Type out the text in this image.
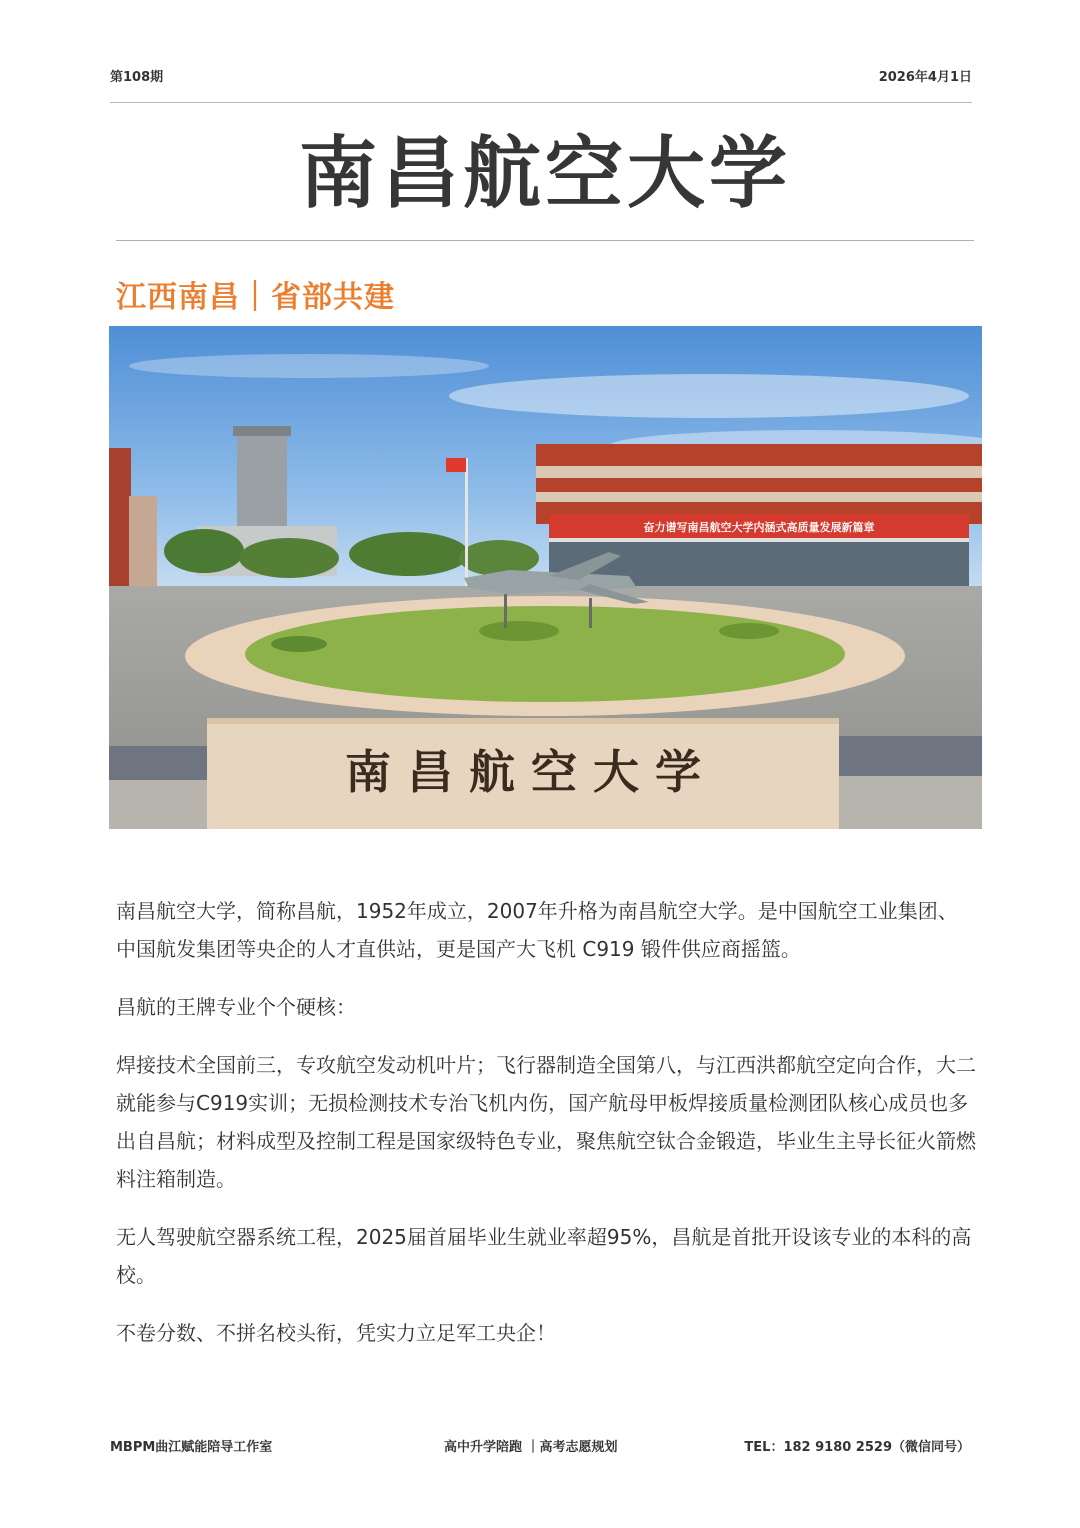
第108期	2026年4月1日
南昌航空大学
江西南昌｜省部共建
奋力谱写南昌航空大学内涵式高质量发展新篇章
南 昌 航 空 大 学

南昌航空大学，简称昌航，1952年成立，2007年升格为南昌航空大学。是中国航空工业集团、中国航发集团等央企的人才直供站，更是国产大飞机 C919 锻件供应商摇篮。

昌航的王牌专业个个硬核：

焊接技术全国前三，专攻航空发动机叶片；飞行器制造全国第八，与江西洪都航空定向合作，大二就能参与C919实训；无损检测技术专治飞机内伤，国产航母甲板焊接质量检测团队核心成员也多出自昌航；材料成型及控制工程是国家级特色专业，聚焦航空钛合金锻造，毕业生主导长征火箭燃料注箱制造。

无人驾驶航空器系统工程，2025届首届毕业生就业率超95%，昌航是首批开设该专业的本科的高校。

不卷分数、不拼名校头衔，凭实力立足军工央企！

MBPM曲江赋能陪导工作室	高中升学陪跑 ｜高考志愿规划	TEL：182 9180 2529（微信同号）
